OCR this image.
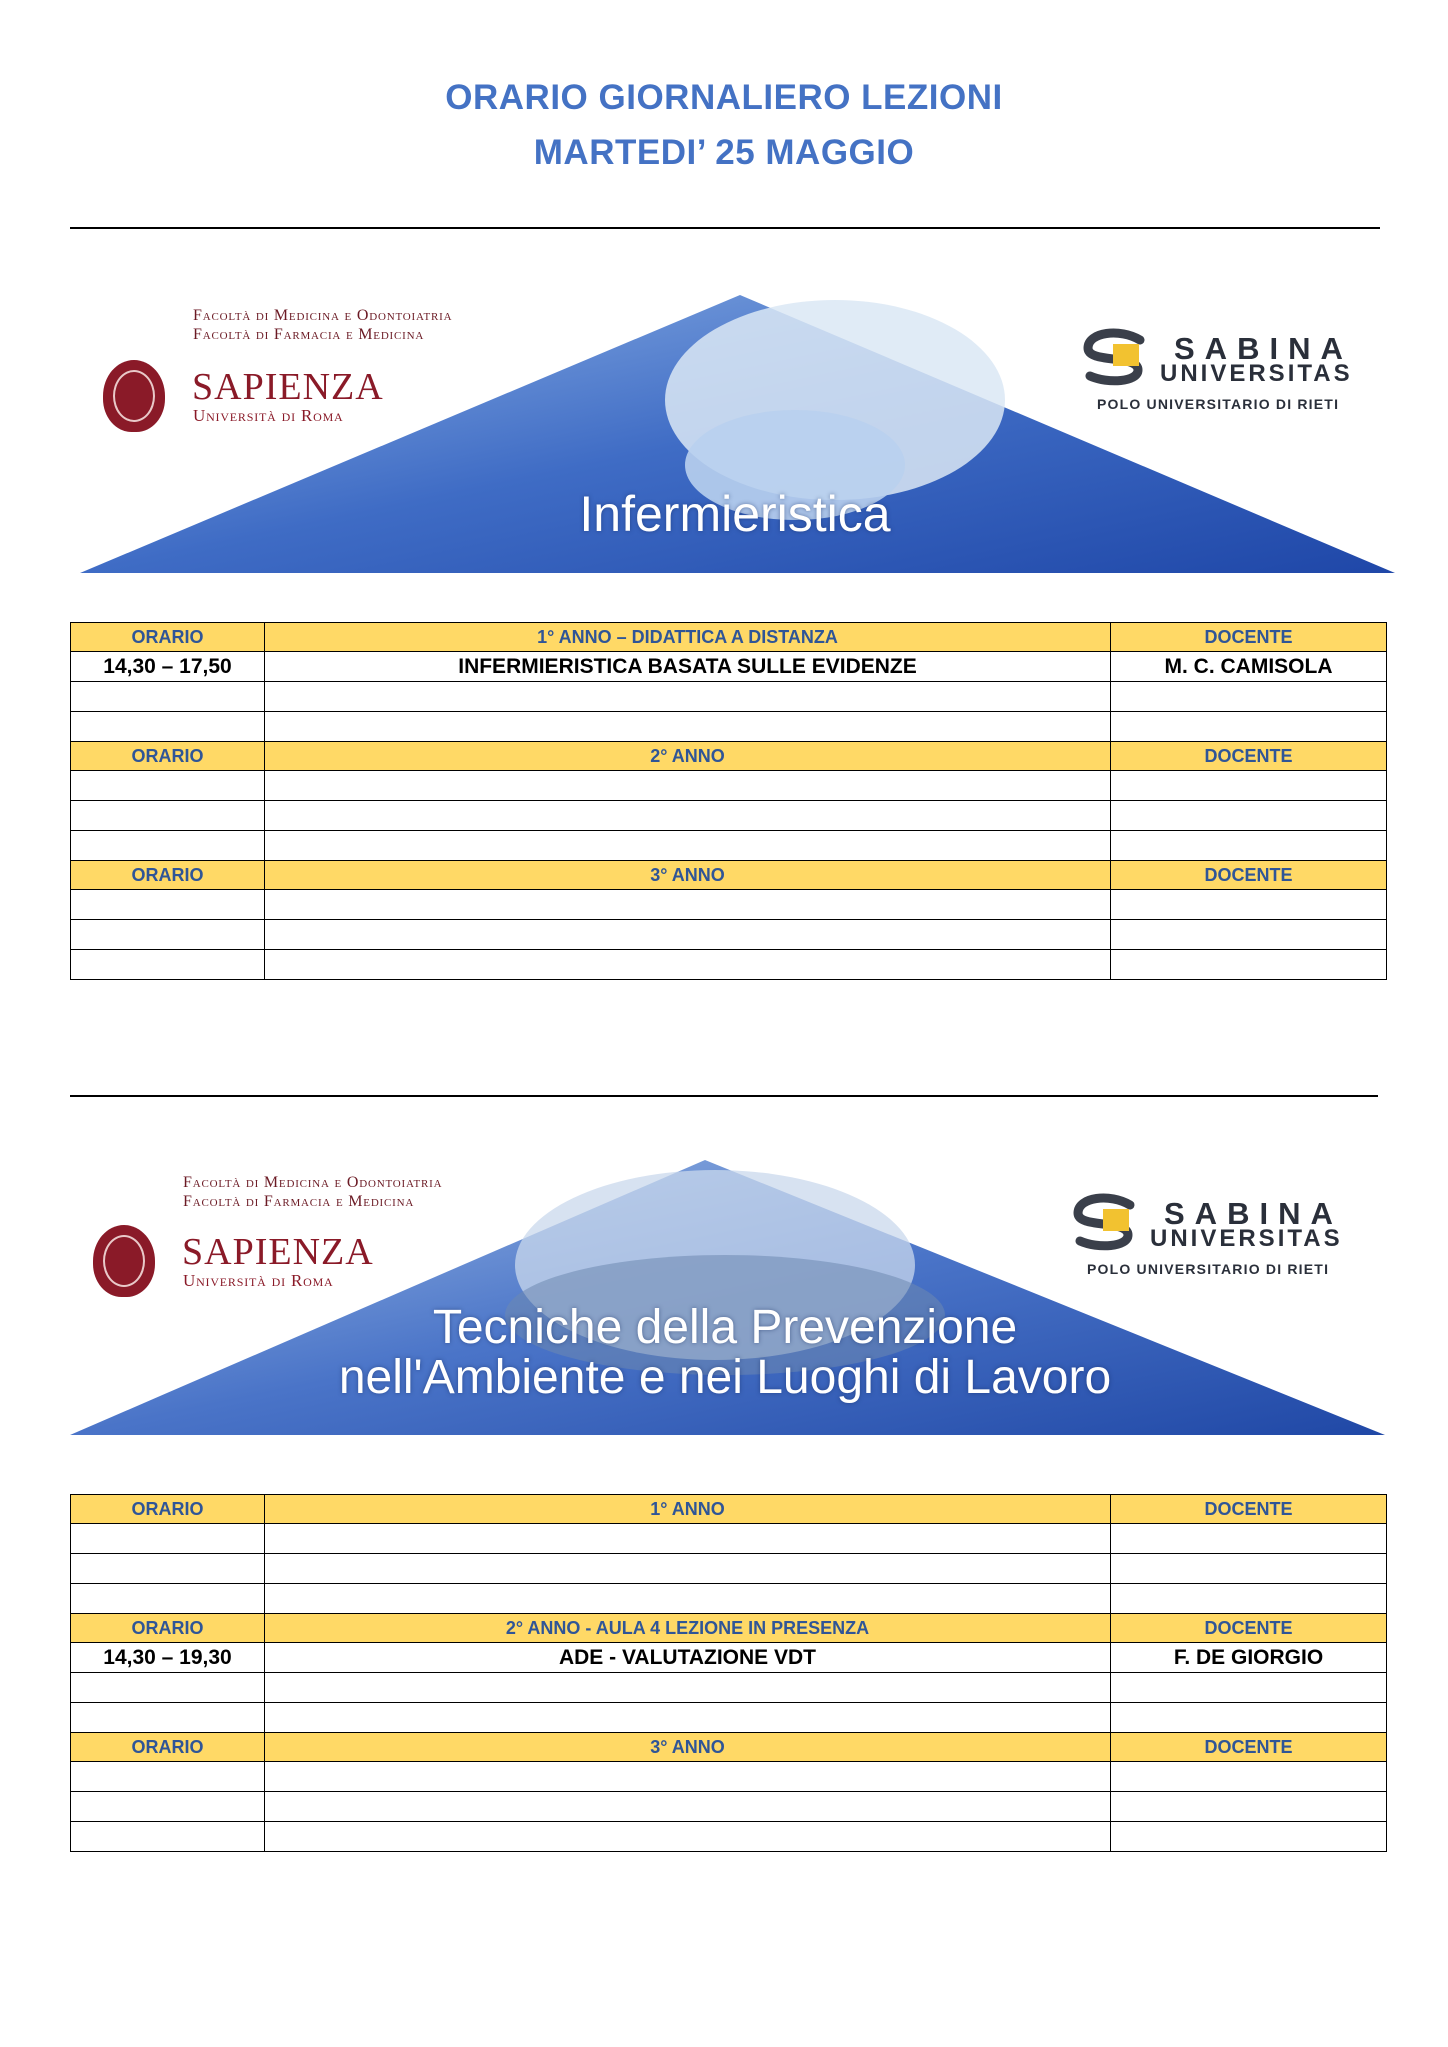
ORARIO GIORNALIERO LEZIONI
MARTEDI’ 25 MAGGIO
Facoltà di Medicina e Odontoiatria
Facoltà di Farmacia e Medicina
SAPIENZA
Università di Roma
SABINA
UNIVERSITAS
POLO UNIVERSITARIO DI RIETI
Infermieristica
ORARIO	1° ANNO – DIDATTICA A DISTANZA	DOCENTE
14,30 – 17,50	INFERMIERISTICA BASATA SULLE EVIDENZE	M. C. CAMISOLA

ORARIO	2° ANNO	DOCENTE

ORARIO	3° ANNO	DOCENTE

Facoltà di Medicina e Odontoiatria
Facoltà di Farmacia e Medicina
SAPIENZA
Università di Roma
SABINA
UNIVERSITAS
POLO UNIVERSITARIO DI RIETI
Tecniche della Prevenzione
nell'Ambiente e nei Luoghi di Lavoro
ORARIO	1° ANNO	DOCENTE

ORARIO	2° ANNO - AULA 4 LEZIONE IN PRESENZA	DOCENTE
14,30 – 19,30	ADE - VALUTAZIONE VDT	F. DE GIORGIO

ORARIO	3° ANNO	DOCENTE
